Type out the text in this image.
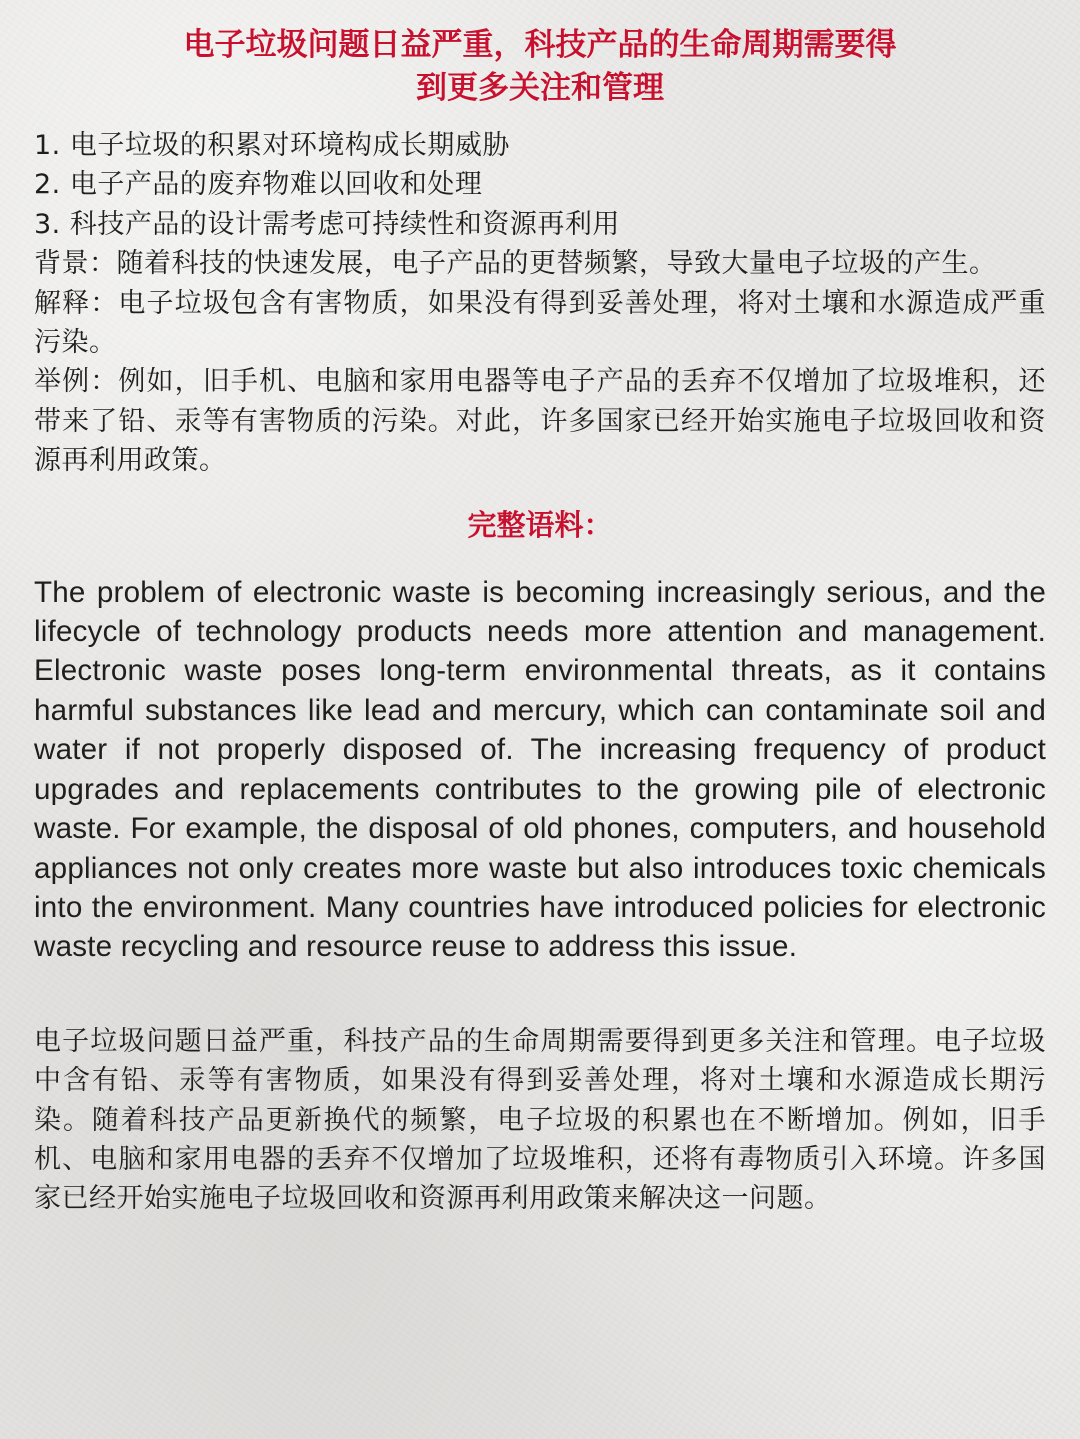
电子垃圾问题日益严重，科技产品的生命周期需要得
到更多关注和管理

1. 电子垃圾的积累对环境构成长期威胁

2. 电子产品的废弃物难以回收和处理

3. 科技产品的设计需考虑可持续性和资源再利用

背景：随着科技的快速发展，电子产品的更替频繁，导致大量电子垃圾的产生。

解释：电子垃圾包含有害物质，如果没有得到妥善处理，将对土壤和水源造成严重污染。

举例：例如，旧手机、电脑和家用电器等电子产品的丢弃不仅增加了垃圾堆积，还带来了铅、汞等有害物质的污染。对此，许多国家已经开始实施电子垃圾回收和资源再利用政策。

完整语料：
The problem of electronic waste is becoming increasingly serious, and the lifecycle of technology products needs more attention and management. Electronic waste poses long-term environmental threats, as it contains harmful substances like lead and mercury, which can contaminate soil and water if not properly disposed of. The increasing frequency of product upgrades and replacements contributes to the growing pile of electronic waste. For example, the disposal of old phones, computers, and household appliances not only creates more waste but also introduces toxic chemicals into the environment. Many countries have introduced policies for electronic waste recycling and resource reuse to address this issue.
电子垃圾问题日益严重，科技产品的生命周期需要得到更多关注和管理。电子垃圾中含有铅、汞等有害物质，如果没有得到妥善处理，将对土壤和水源造成长期污染。随着科技产品更新换代的频繁，电子垃圾的积累也在不断增加。例如，旧手机、电脑和家用电器的丢弃不仅增加了垃圾堆积，还将有毒物质引入环境。许多国家已经开始实施电子垃圾回收和资源再利用政策来解决这一问题。
